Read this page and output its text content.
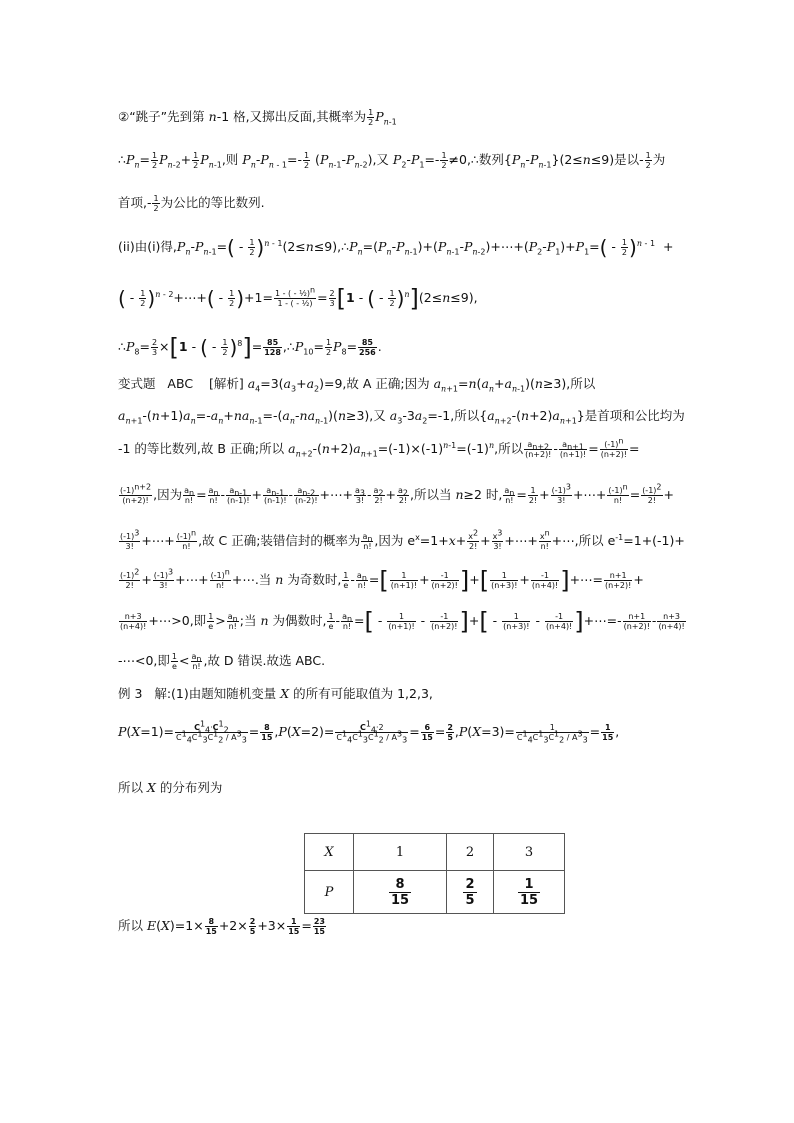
②“跳子”先到第 n-1 格,又掷出反面,其概率为 $\frac{1}{2} P_{n-1}$
$\therefore P_n= \frac{1}{2} P_{n-2}+ \frac{1}{2} P_{n-1}$,则 $P_n-P_{n - 1}=- \frac{1}{2} (P_{n-1}-P_{n-2})$,又 $P_2-P_1=- \frac{1}{2}$ ≠0,∴数列$\{P_n-P_{n-1}\}(2\le n\le 9)$是以- $\frac{1}{2}$ 为
首项,- $\frac{1}{2}$ 为公比的等比数列.
(ii)由(i)得$,P_n-P_{n-1}=( - \frac{1}{2}$ )$^{n - 1}(2\le n\le 9),\therefore P_n=(P_n-P_{n-1})+(P_{n-1}-P_{n-2})+\cdots+(P_2-P_1)+P_1=( - \frac{1}{2} )^{n - 1}$  +
( - $\frac{1}{2}$ )$^{n - 2}$+⋯+( - $\frac{1}{2} )+1= \frac{1 - ( - \frac{1}{2})^n}{\text{1 - ( - ½)}} = \frac{2}{3} [1$ - ( - $\frac{1}{2} )^n](2\le n\le 9)$,
$\therefore P_8= \frac{2}{3} \times[1$ - ( - $\frac{1}{2} )^8]= \frac{85}{128}$ $,\therefore P_{10}= \frac{1}{2} P_8= \frac{85}{256}$ .
变式题   ABC    [解析] $a_4=3(a_3+a_2)=9$,故 A 正确;因为 $a_{n+1}=n(a_n+a_{n-1})(n\ge 3)$,所以
$a_{n+1}-(n+1)a_n=-a_n+na_{n-1}=-(a_n-na_{n-1})(n\ge 3)$,又 $a_3-3a_2=-1$,所以$\{a_{n+2}-(n+2)a_{n+1}\}$是首项和公比均为
-1 的等比数列,故 B 正确;所以 $a_{n+2}-(n+2)a_{n+1}=(-1)\times(-1)^{n-1}=(-1)^n$,所以 $\frac{a_{n+2}}{(n+2)!} - \frac{a_{n+1}}{(n+1)!} = \frac{(-1)^n}{(n+2)!}$ =
$\frac{(-1)^{n+2}}{(n+2)!}$ ,因为 $\frac{a_n}{n!} = \frac{a_n}{n!} - \frac{a_{n-1}}{(n-1)!} + \frac{a_{n-1}}{(n-1)!} - \frac{a_{n-2}}{(n-2)!}$ +⋯+ $\frac{a_3}{3!} - \frac{a_2}{2!} + \frac{a_2}{2!}$ ,所以当 n≥2 时, $\frac{a_n}{n!} = \frac{1}{2!} + \frac{(-1)^3}{3!}$ +⋯+ $\frac{(-1)^n}{n!} = \frac{(-1)^2}{2!}$ +
$\frac{(-1)^3}{3!}$ +⋯+ $\frac{(-1)^n}{n!}$ ,故 C 正确;装错信封的概率为 $\frac{a_n}{n!}$ ,因为 $e^x=1+x+ \frac{x^2}{2!} + \frac{x^3}{3!}$ +⋯+ $\frac{x^n}{n!}$ +⋯,所以 $e^{-1}=1+(-1)+$
$\frac{(-1)^2}{2!} + \frac{(-1)^3}{3!}$ +⋯+ $\frac{(-1)^n}{n!}$ +⋯.当 n 为奇数时, $\frac{1}{e} - \frac{a_n}{n!}$ =[ $\frac{1}{(n+1)!} + \frac{-1}{(n+2)!}$ ]+[ $\frac{1}{(n+3)!} + \frac{-1}{(n+4)!}$ ]+⋯= $\frac{n+1}{(n+2)!}$ +
$\frac{n+3}{(n+4)!}$ +⋯>0,即 $\frac{1}{e} > \frac{a_n}{n!}$ ;当 n 为偶数时, $\frac{1}{e} - \frac{a_n}{n!}$ =[ - $\frac{1}{(n+1)!} - \frac{-1}{(n+2)!}$ ]+[ - $\frac{1}{(n+3)!} - \frac{-1}{(n+4)!}$ ]+⋯=- $\frac{n+1}{(n+2)!} - \frac{n+3}{(n+4)!}$
-⋯<0,即 $\frac{1}{e} < \frac{a_n}{n!}$ ,故 D 错误.故选 ABC.
例 3   解:(1)由题知随机变量 X 的所有可能取值为 1,2,3,
$P(X=1)= \frac{C^1_4\cdot C^1_2}{C^1_4C^1_3C^1_2 / A^3_3} = \frac{8}{15} ,P(X=2)= \frac{C^1_4\cdot 2}{C^1_4C^1_3C^1_2 / A^3_3} = \frac{6}{15} = \frac{2}{5} ,P(X=3)= \frac{1}{C^1_4C^1_3C^1_2 / A^3_3} = \frac{1}{15}$ ,
所以 X 的分布列为
X	1	2	3
P	$\frac{8}{15}$	$\frac{2}{5}$	$\frac{1}{15}$
所以 $E(X)=1\times \frac{8}{15} +2\times \frac{2}{5} +3\times \frac{1}{15} = \frac{23}{15}$
